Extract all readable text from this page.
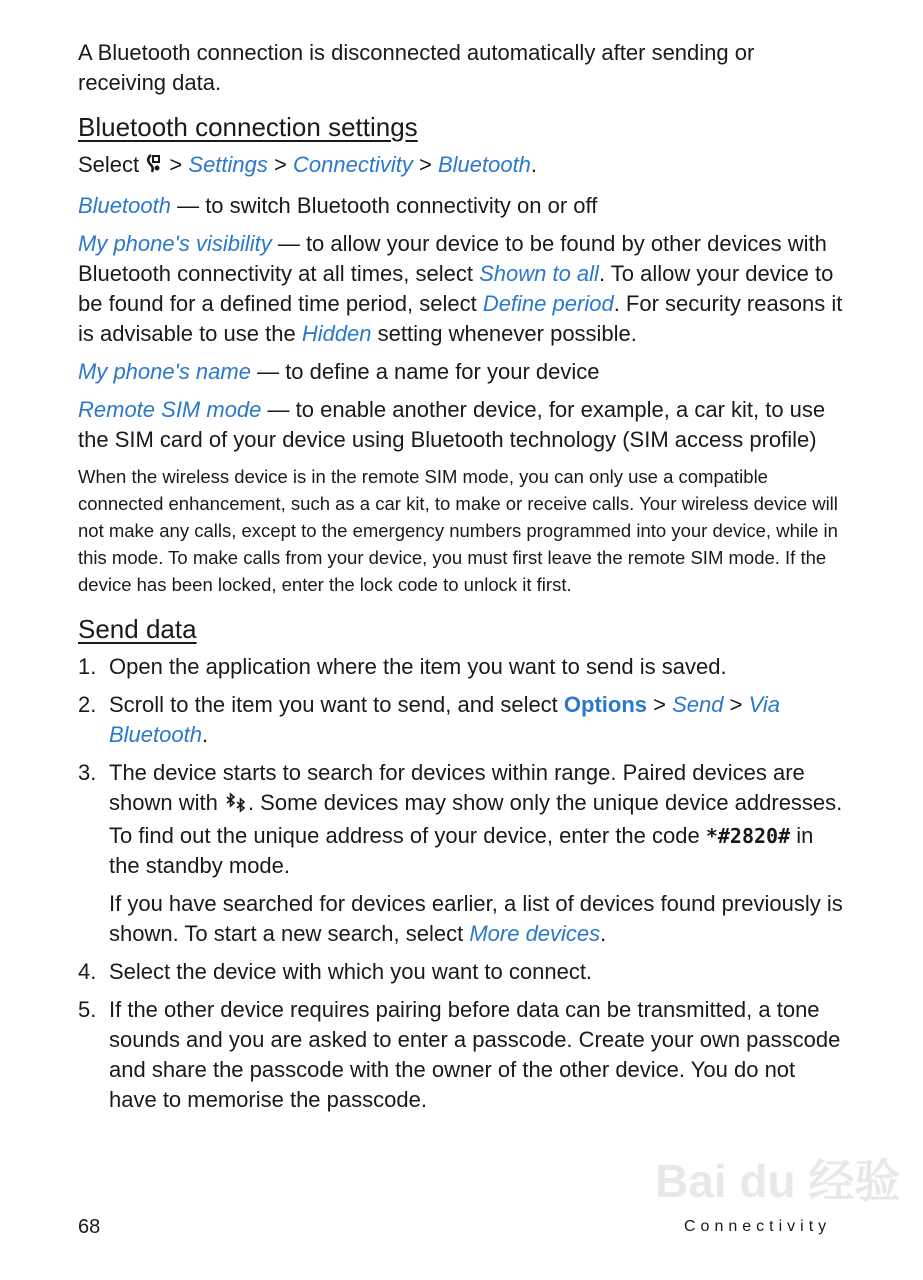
Bai du 经验

A Bluetooth connection is disconnected automatically after sending or receiving data.

Bluetooth connection settings

Select > Settings > Connectivity > Bluetooth.

Bluetooth — to switch Bluetooth connectivity on or off

My phone's visibility — to allow your device to be found by other devices with Bluetooth connectivity at all times, select Shown to all. To allow your device to be found for a defined time period, select Define period. For security reasons it is advisable to use the Hidden setting whenever possible.

My phone's name — to define a name for your device

Remote SIM mode — to enable another device, for example, a car kit, to use the SIM card of your device using Bluetooth technology (SIM access profile)

When the wireless device is in the remote SIM mode, you can only use a compatible connected enhancement, such as a car kit, to make or receive calls. Your wireless device will not make any calls, except to the emergency numbers programmed into your device, while in this mode. To make calls from your device, you must first leave the remote SIM mode. If the device has been locked, enter the lock code to unlock it first.

Send data
1. Open the application where the item you want to send is saved.

2. Scroll to the item you want to send, and select Options > Send > Via Bluetooth.

3. The device starts to search for devices within range. Paired devices are shown with . Some devices may show only the unique device addresses. To find out the unique address of your device, enter the code *#2820# in the standby mode.

If you have searched for devices earlier, a list of devices found previously is shown. To start a new search, select More devices.

4. Select the device with which you want to connect.

5. If the other device requires pairing before data can be transmitted, a tone sounds and you are asked to enter a passcode. Create your own passcode and share the passcode with the owner of the other device. You do not have to memorise the passcode.

68	Connectivity
